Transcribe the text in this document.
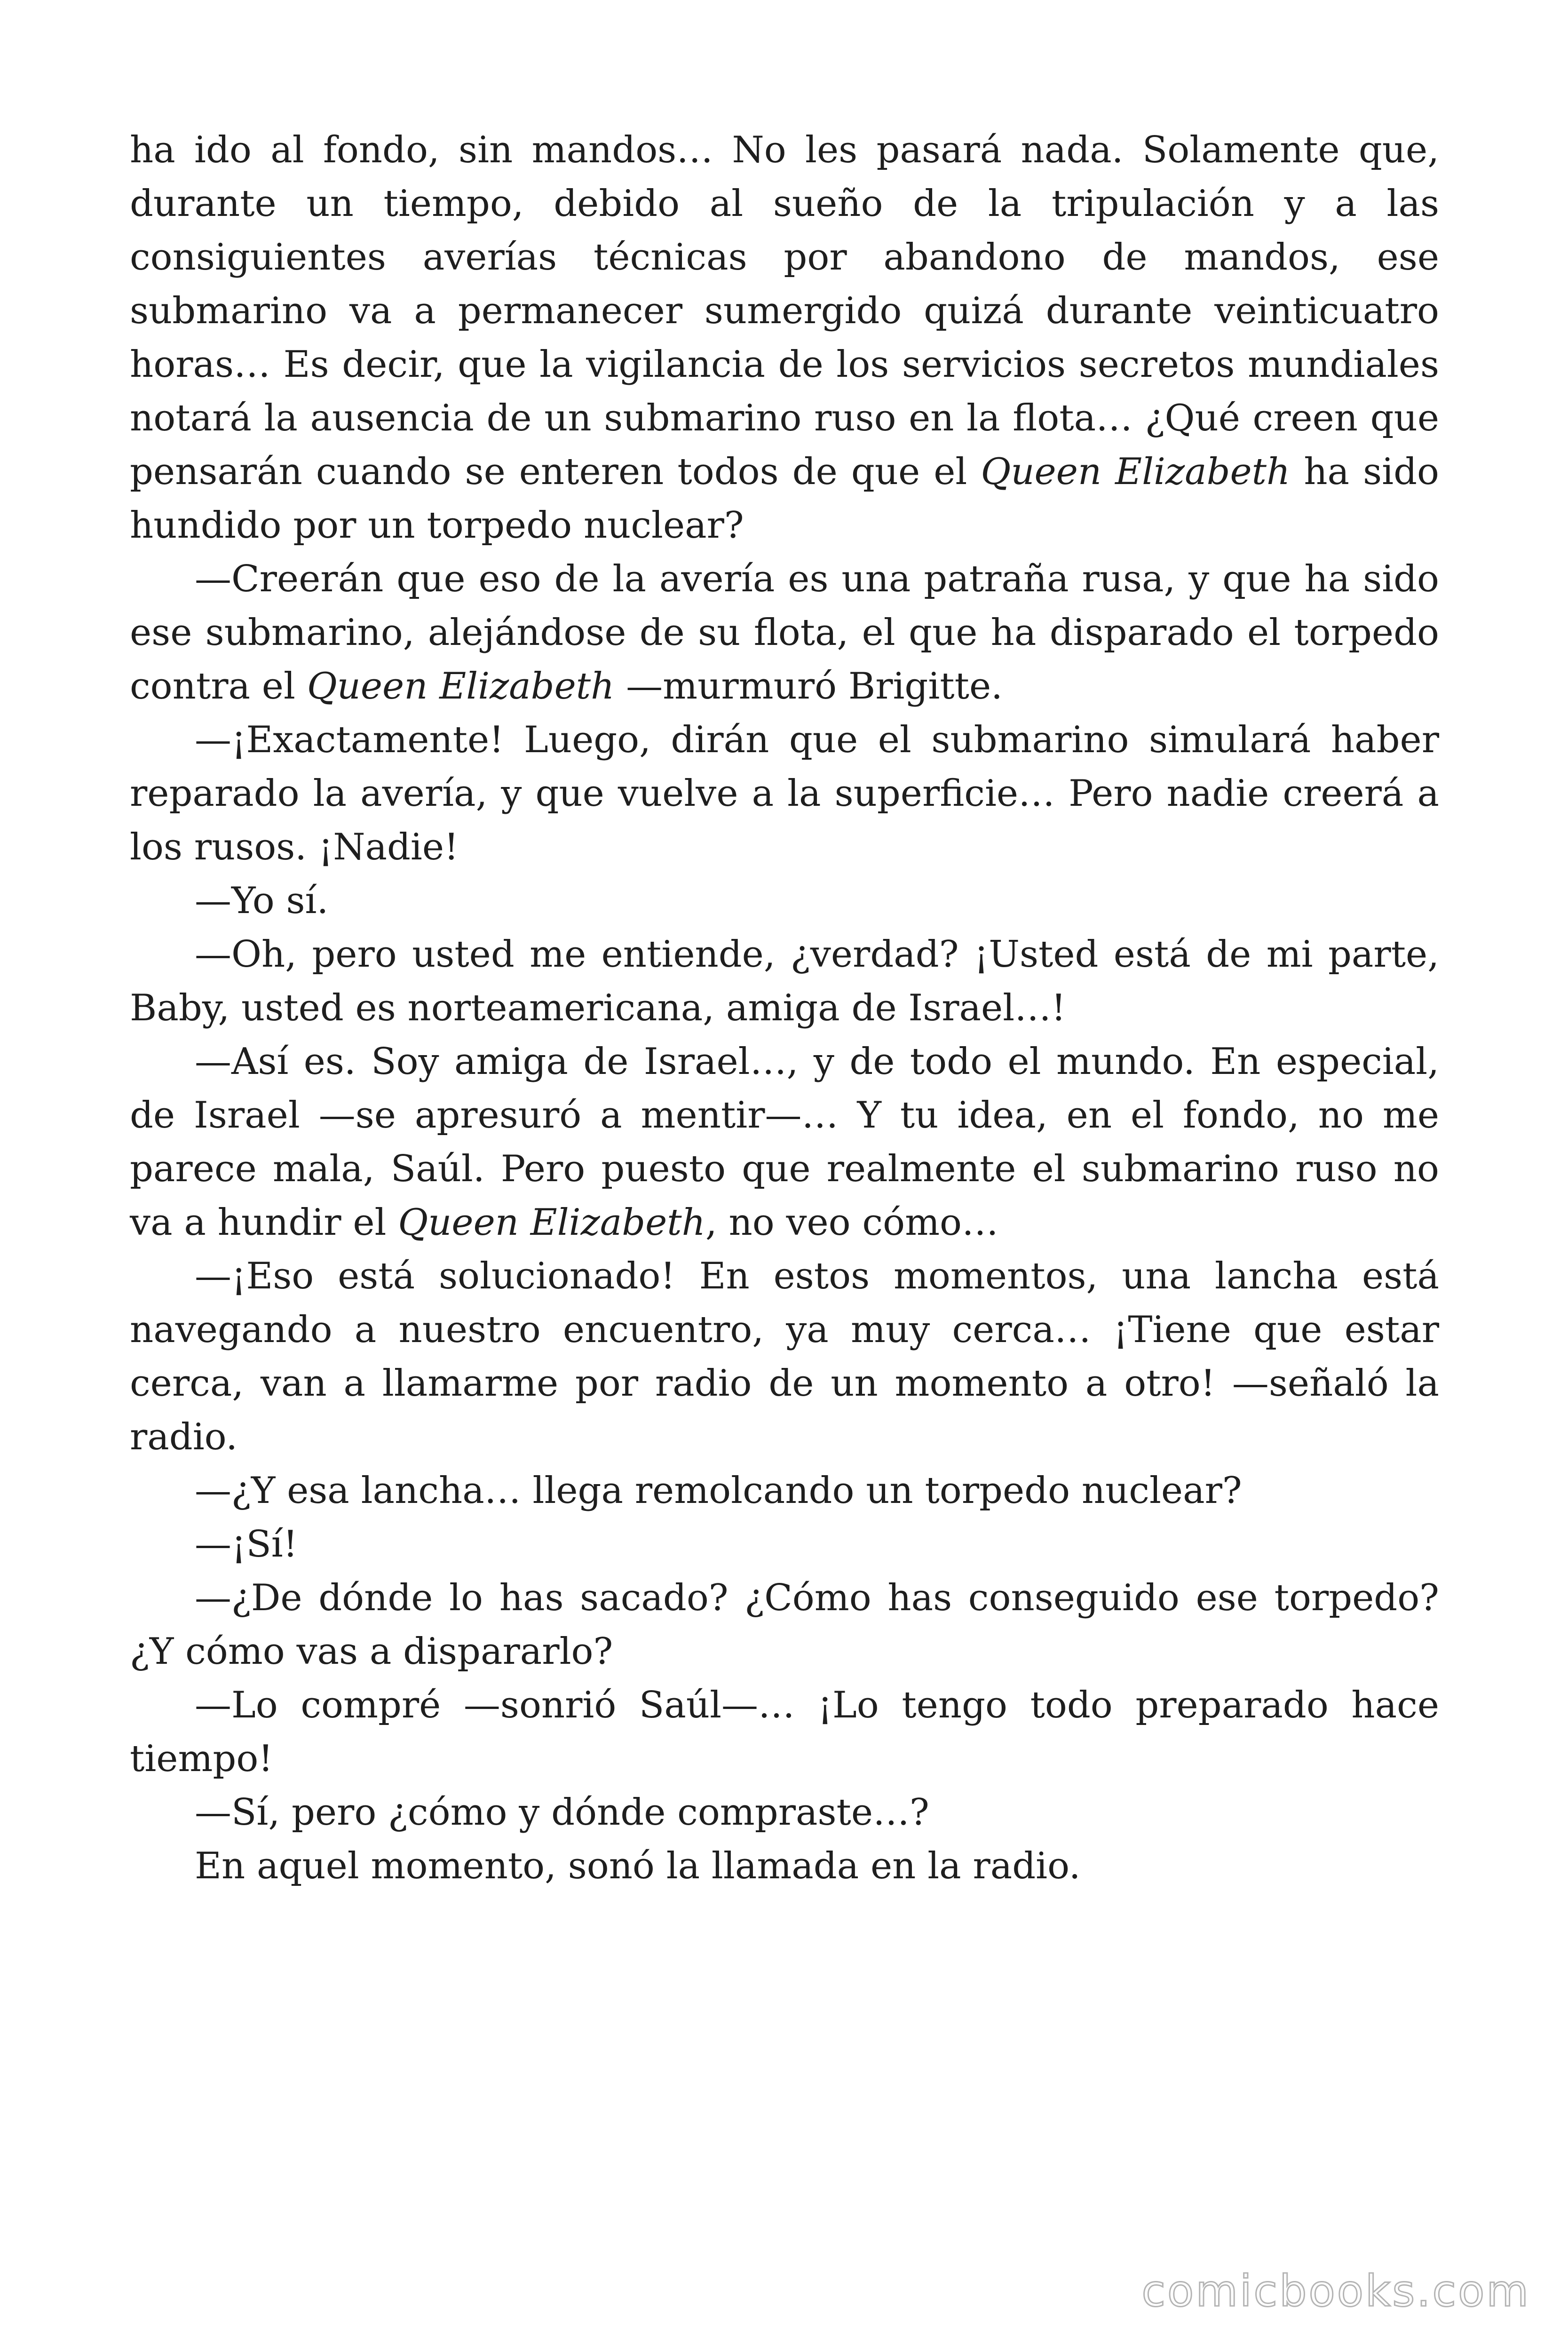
ha ido al fondo, sin mandos… No les pasará nada. Solamente que, durante un tiempo, debido al sueño de la tripulación y a las consiguientes averías técnicas por abandono de mandos, ese submarino va a permanecer sumergido quizá durante veinticuatro horas… Es decir, que la vigilancia de los servicios secretos mundiales notará la ausencia de un submarino ruso en la flota… ¿Qué creen que pensarán cuando se enteren todos de que el Queen Elizabeth ha sido hundido por un torpedo nuclear?

—Creerán que eso de la avería es una patraña rusa, y que ha sido ese submarino, alejándose de su flota, el que ha disparado el torpedo contra el Queen Elizabeth —murmuró Brigitte.

—¡Exactamente! Luego, dirán que el submarino simulará haber reparado la avería, y que vuelve a la superficie… Pero nadie creerá a los rusos. ¡Nadie!

—Yo sí.

—Oh, pero usted me entiende, ¿verdad? ¡Usted está de mi parte, Baby, usted es norteamericana, amiga de Israel…!

—Así es. Soy amiga de Israel…, y de todo el mundo. En especial, de Israel —se apresuró a mentir—… Y tu idea, en el fondo, no me parece mala, Saúl. Pero puesto que realmente el submarino ruso no va a hundir el Queen Elizabeth, no veo cómo…

—¡Eso está solucionado! En estos momentos, una lancha está navegando a nuestro encuentro, ya muy cerca… ¡Tiene que estar cerca, van a llamarme por radio de un momento a otro! —señaló la radio.

—¿Y esa lancha… llega remolcando un torpedo nuclear?

—¡Sí!

—¿De dónde lo has sacado? ¿Cómo has conseguido ese torpedo? ¿Y cómo vas a dispararlo?

—Lo compré —sonrió Saúl—… ¡Lo tengo todo preparado hace tiempo!

—Sí, pero ¿cómo y dónde compraste…?

En aquel momento, sonó la llamada en la radio.

comicbooks.com
